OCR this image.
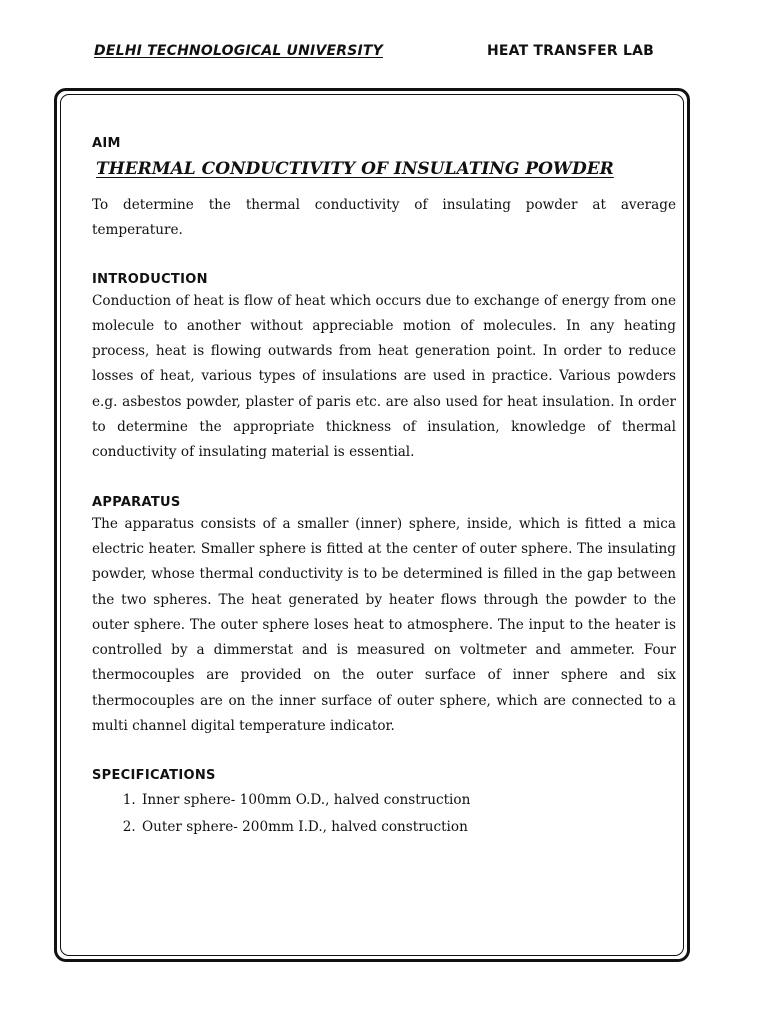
DELHI TECHNOLOGICAL UNIVERSITY	HEAT TRANSFER LAB

AIM

THERMAL CONDUCTIVITY OF INSULATING POWDER

To determine the thermal conductivity of insulating powder at average temperature.

INTRODUCTION

Conduction of heat is flow of heat which occurs due to exchange of energy from one molecule to another without appreciable motion of molecules. In any heating process, heat is flowing outwards from heat generation point. In order to reduce losses of heat, various types of insulations are used in practice. Various powders e.g. asbestos powder, plaster of paris etc. are also used for heat insulation. In order to determine the appropriate thickness of insulation, knowledge of thermal conductivity of insulating material is essential.

APPARATUS

The apparatus consists of a smaller (inner) sphere, inside, which is fitted a mica electric heater. Smaller sphere is fitted at the center of outer sphere. The insulating powder, whose thermal conductivity is to be determined is filled in the gap between the two spheres. The heat generated by heater flows through the powder to the outer sphere. The outer sphere loses heat to atmosphere. The input to the heater is controlled by a dimmerstat and is measured on voltmeter and ammeter. Four thermocouples are provided on the outer surface of inner sphere and six thermocouples are on the inner surface of outer sphere, which are connected to a multi channel digital temperature indicator.

SPECIFICATIONS

1. Inner sphere- 100mm O.D., halved construction
2. Outer sphere- 200mm I.D., halved construction
